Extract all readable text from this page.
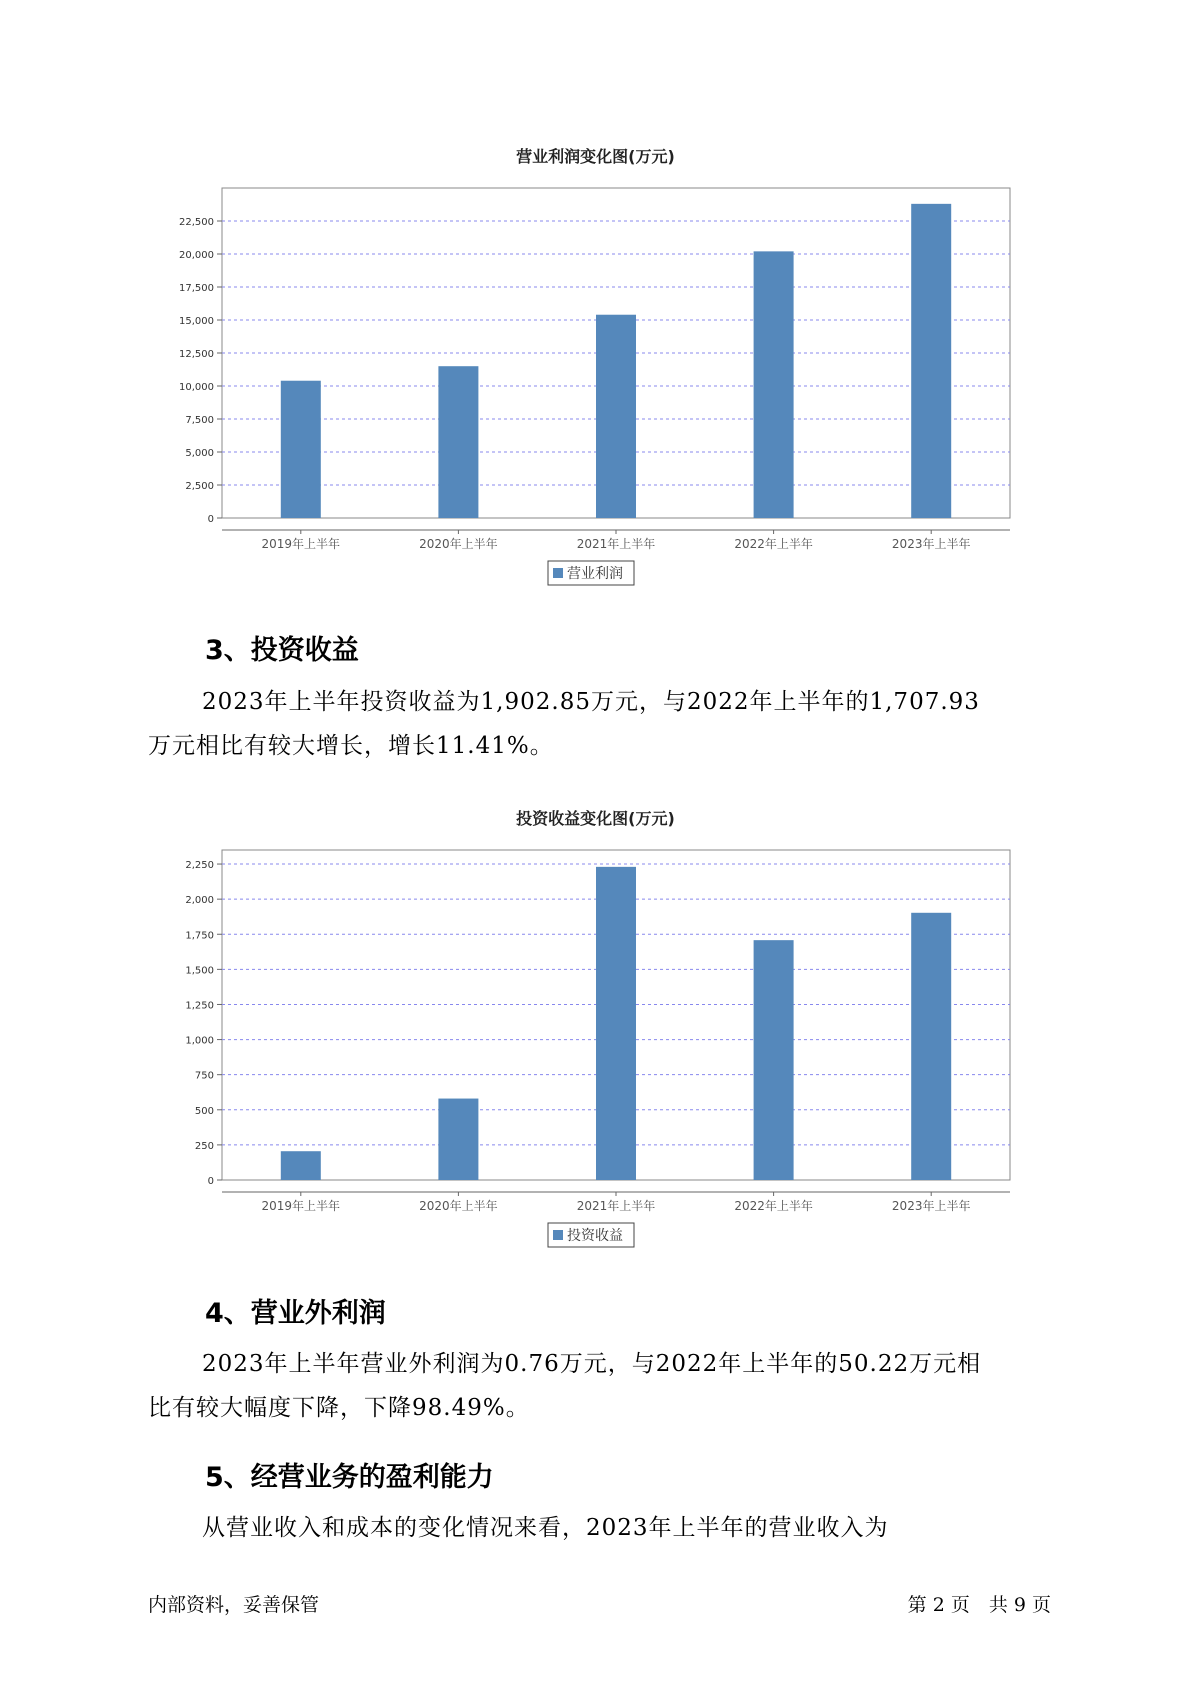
营业利润变化图(万元)
0
2,500
5,000
7,500
10,000
12,500
15,000
17,500
20,000
22,500
2019年上半年	2020年上半年	2021年上半年	2022年上半年	2023年上半年
营业利润
3、投资收益
2023年上半年投资收益为1,902.85万元，与2022年上半年的1,707.93
万元相比有较大增长，增长11.41%。
投资收益变化图(万元)
0
250
500
750
1,000
1,250
1,500
1,750
2,000
2,250
2019年上半年	2020年上半年	2021年上半年	2022年上半年	2023年上半年
投资收益
4、营业外利润
2023年上半年营业外利润为0.76万元，与2022年上半年的50.22万元相
比有较大幅度下降，下降98.49%。
5、经营业务的盈利能力
从营业收入和成本的变化情况来看，2023年上半年的营业收入为
内部资料，妥善保管	第 2 页　共 9 页
